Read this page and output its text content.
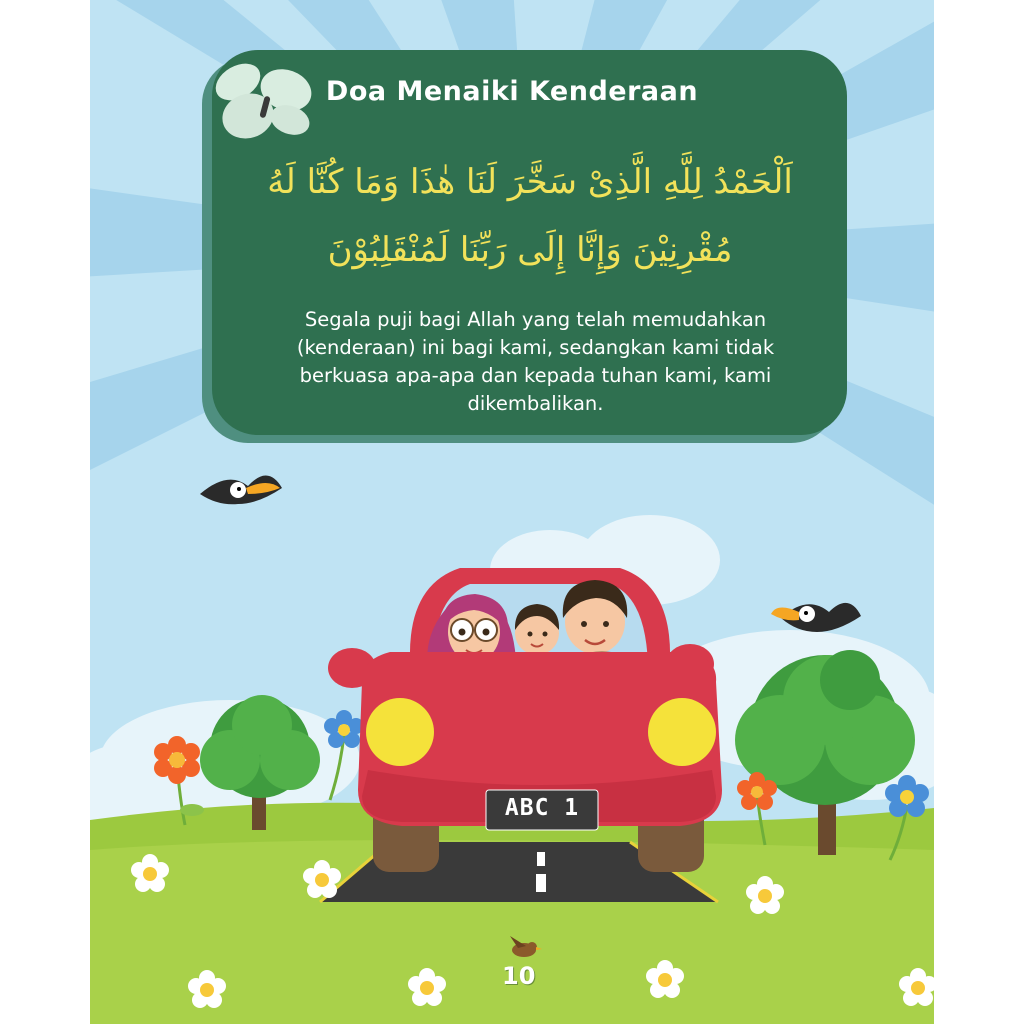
Doa Menaiki Kenderaan
اَلْحَمْدُ لِلَّهِ الَّذِىْ سَخَّرَ لَنَا هٰذَا وَمَا كُنَّا لَهُ
مُقْرِنِيْنَ وَإِنَّا إِلَى رَبِّنَا لَمُنْقَلِبُوْنَ
Segala puji bagi Allah yang telah memudahkan (kenderaan) ini bagi kami, sedangkan kami tidak berkuasa apa-apa dan kepada tuhan kami, kami dikembalikan.
ABC 1
10
